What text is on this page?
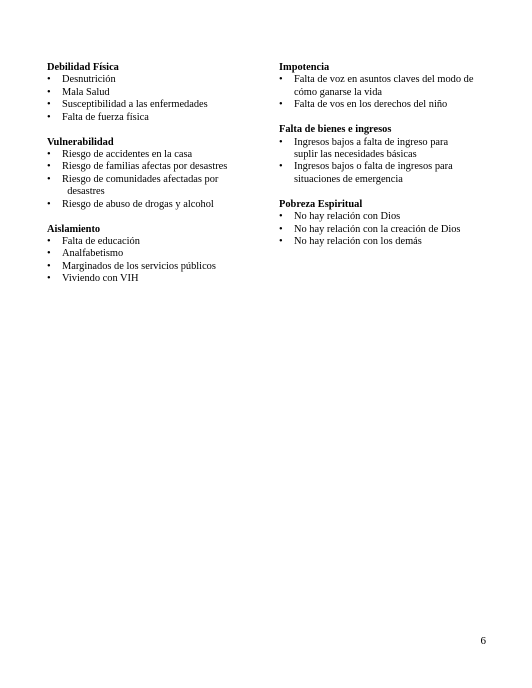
Debilidad Física
•	Desnutrición
•	Mala Salud
•	Susceptibilidad a las enfermedades
•	Falta de fuerza física
Vulnerabilidad
•	Riesgo de accidentes en la casa
•	Riesgo de familias afectas por desastres
•	Riesgo de comunidades afectadas por
desastres
•	Riesgo de abuso de drogas y alcohol
Aislamiento
•	Falta de educación
•	Analfabetismo
•	Marginados de los servicios públicos
•	Viviendo con VIH
Impotencia
•	Falta de voz en asuntos claves del modo de
cómo ganarse la vida
•	Falta de vos en los derechos del niño
Falta de bienes e ingresos
•	Ingresos bajos a falta de ingreso para
suplir las necesidades básicas
•	Ingresos bajos o falta de ingresos para
situaciones de emergencia
Pobreza Espiritual
•	No hay relación con Dios
•	No hay relación con la creación de Dios
•	No hay relación con los demás
6
